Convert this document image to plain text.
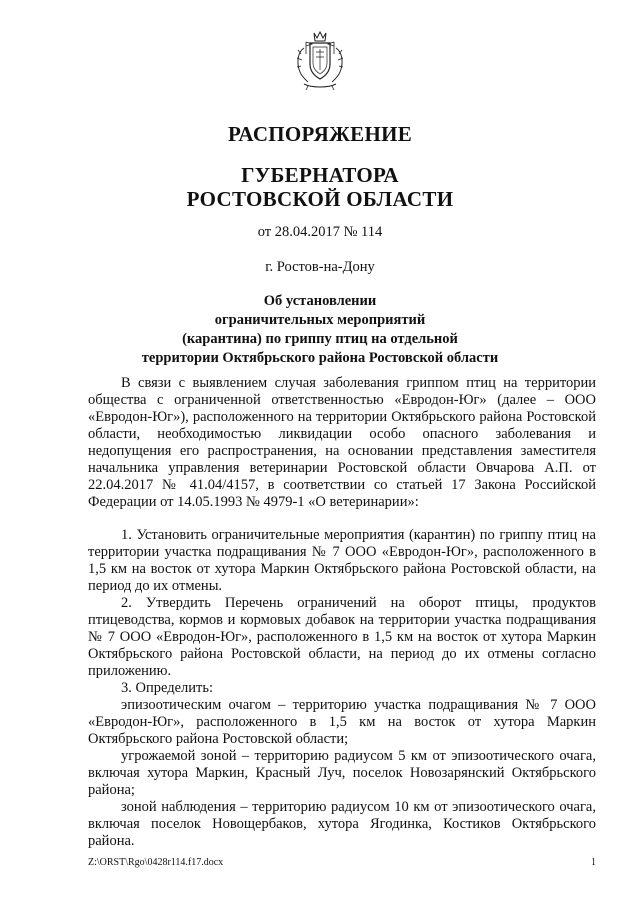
РАСПОРЯЖЕНИЕ
ГУБЕРНАТОРА
РОСТОВСКОЙ ОБЛАСТИ
от 28.04.2017 № 114
г. Ростов-на-Дону
Об установлении
ограничительных мероприятий
(карантина) по гриппу птиц на отдельной
территории Октябрьского района Ростовской области

В связи с выявлением случая заболевания гриппом птиц на территории общества с ограниченной ответственностью «Евродон-Юг» (далее – ООО «Евродон-Юг»), расположенного на территории Октябрьского района Ростовской области, необходимостью ликвидации особо опасного заболевания и недопущения его распространения, на основании представления заместителя начальника управления ветеринарии Ростовской области Овчарова А.П. от 22.04.2017 № 41.04/4157, в соответствии со статьей 17 Закона Российской Федерации от 14.05.1993 № 4979-1 «О ветеринарии»:

1. Установить ограничительные мероприятия (карантин) по гриппу птиц на территории участка подращивания № 7 ООО «Евродон-Юг», расположенного в 1,5 км на восток от хутора Маркин Октябрьского района Ростовской области, на период до их отмены.

2. Утвердить Перечень ограничений на оборот птицы, продуктов птицеводства, кормов и кормовых добавок на территории участка подращивания № 7 ООО «Евродон-Юг», расположенного в 1,5 км на восток от хутора Маркин Октябрьского района Ростовской области, на период до их отмены согласно приложению.

3. Определить:

эпизоотическим очагом – территорию участка подращивания № 7 ООО «Евродон-Юг», расположенного в 1,5 км на восток от хутора Маркин Октябрьского района Ростовской области;

угрожаемой зоной – территорию радиусом 5 км от эпизоотического очага, включая хутора Маркин, Красный Луч, поселок Новозарянский Октябрьского района;

зоной наблюдения – территорию радиусом 10 км от эпизоотического очага, включая поселок Новощербаков, хутора Ягодинка, Костиков Октябрьского района.

Z:\ORST\Rgo\0428r114.f17.docx	1
